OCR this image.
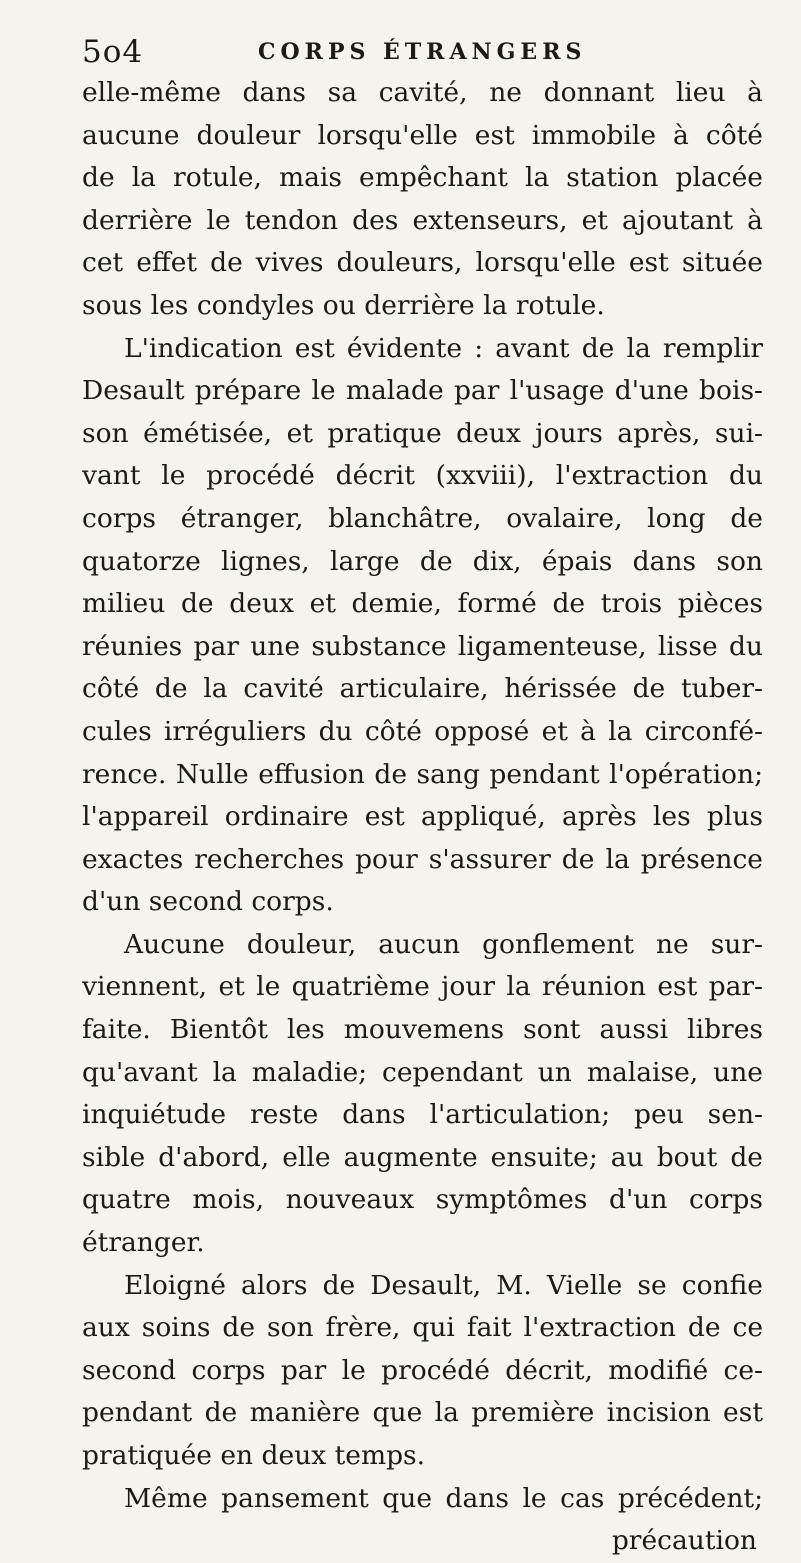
5o4	CORPS ÉTRANGERS
elle-même dans sa cavité, ne donnant lieu à
aucune douleur lorsqu'elle est immobile à côté
de la rotule, mais empêchant la station placée
derrière le tendon des extenseurs, et ajoutant à
cet effet de vives douleurs, lorsqu'elle est située
sous les condyles ou derrière la rotule.
L'indication est évidente : avant de la remplir
Desault prépare le malade par l'usage d'une bois-
son émétisée, et pratique deux jours après, sui-
vant le procédé décrit (xxviii), l'extraction du
corps étranger, blanchâtre, ovalaire, long de
quatorze lignes, large de dix, épais dans son
milieu de deux et demie, formé de trois pièces
réunies par une substance ligamenteuse, lisse du
côté de la cavité articulaire, hérissée de tuber-
cules irréguliers du côté opposé et à la circonfé-
rence. Nulle effusion de sang pendant l'opération;
l'appareil ordinaire est appliqué, après les plus
exactes recherches pour s'assurer de la présence
d'un second corps.
Aucune douleur, aucun gonflement ne sur-
viennent, et le quatrième jour la réunion est par-
faite. Bientôt les mouvemens sont aussi libres
qu'avant la maladie; cependant un malaise, une
inquiétude reste dans l'articulation; peu sen-
sible d'abord, elle augmente ensuite; au bout de
quatre mois, nouveaux symptômes d'un corps
étranger.
Eloigné alors de Desault, M. Vielle se confie
aux soins de son frère, qui fait l'extraction de ce
second corps par le procédé décrit, modifié ce-
pendant de manière que la première incision est
pratiquée en deux temps.
Même pansement que dans le cas précédent;
précaution
